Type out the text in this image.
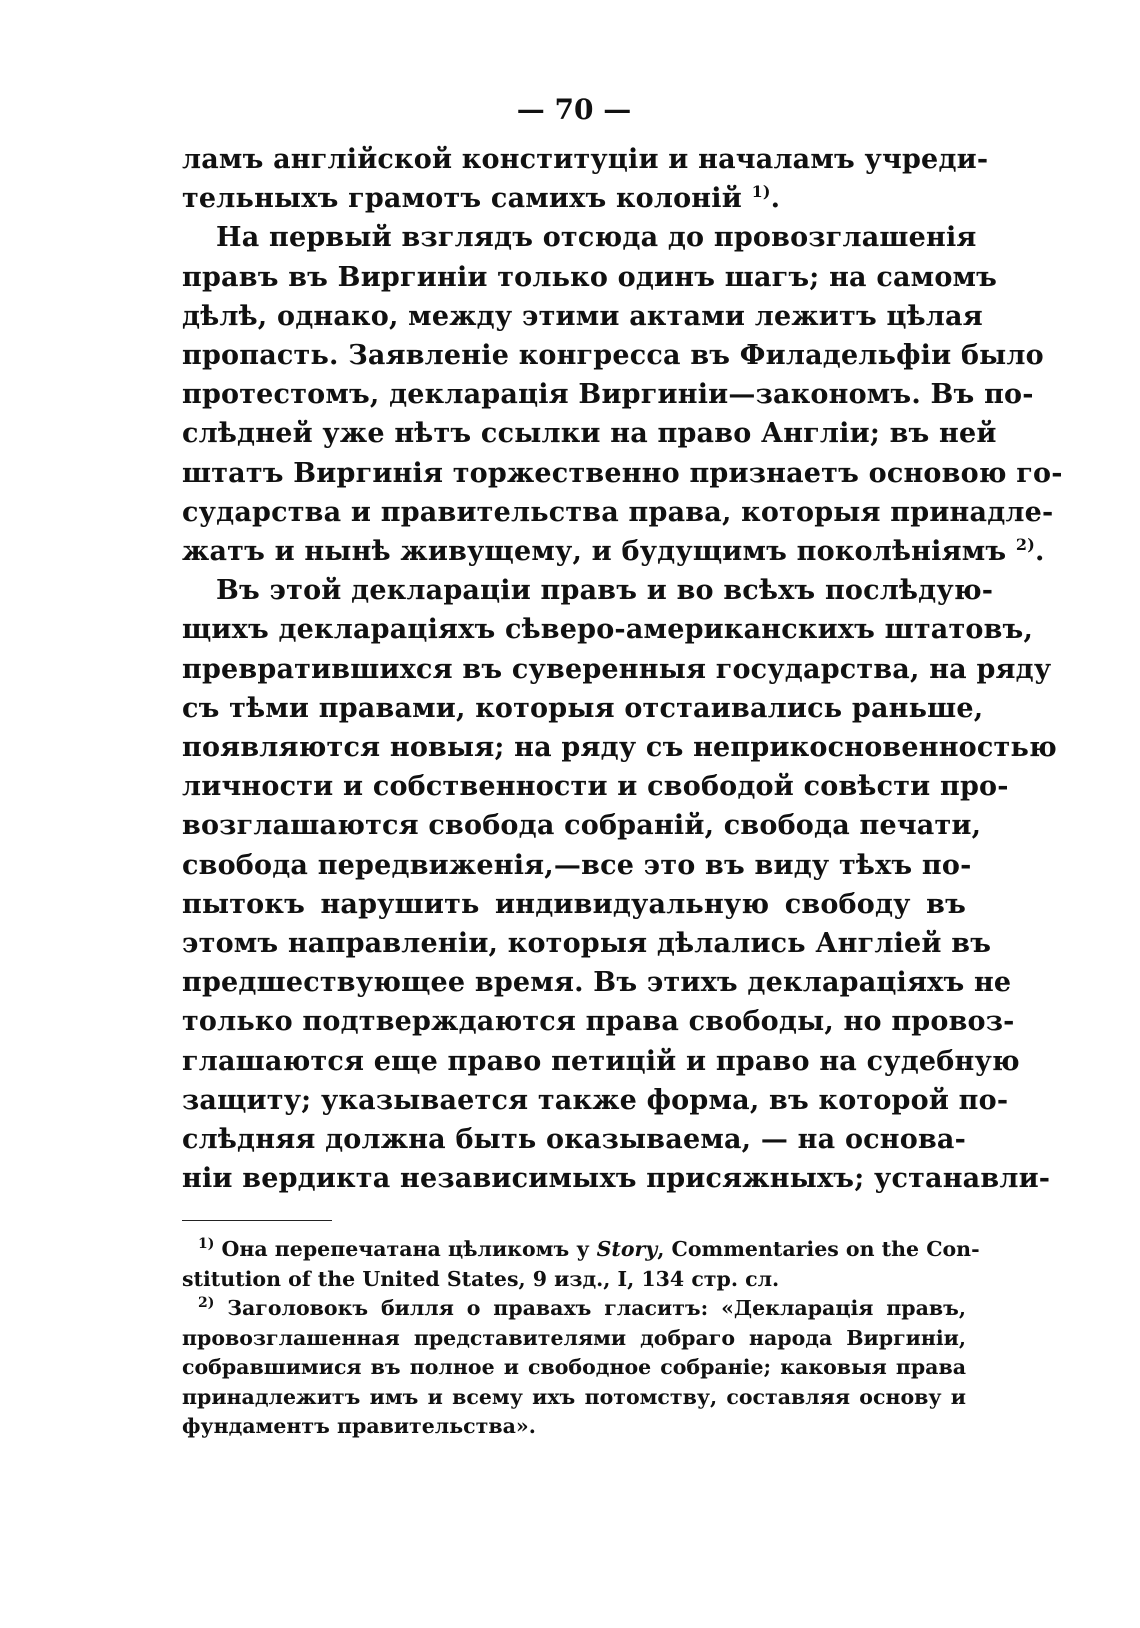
— 70 —
ламъ англійской конституціи и началамъ учреди-
тельныхъ грамотъ самихъ колоній $^{1)}$.
На первый взглядъ отсюда до провозглашенія
правъ въ Виргиніи только одинъ шагъ; на самомъ
дѣлѣ, однако, между этими актами лежитъ цѣлая
пропасть. Заявленіе конгресса въ Филадельфіи было
протестомъ, декларація Виргиніи—закономъ. Въ по-
слѣдней уже нѣтъ ссылки на право Англіи; въ ней
штатъ Виргинія торжественно признаетъ основою го-
сударства и правительства права, которыя принадле-
жатъ и нынѣ живущему, и будущимъ поколѣніямъ $^{2)}$.
Въ этой декларацiи правъ и во всѣхъ послѣдую-
щихъ декларацiяхъ сѣверо-американскихъ штатовъ,
превратившихся въ суверенныя государства, на ряду
съ тѣми правами, которыя отстаивались раньше,
появляются новыя; на ряду съ неприкосновенностью
личности и собственности и свободой совѣсти про-
возглашаются свобода собраній, свобода печати,
свобода передвиженія,—все это въ виду тѣхъ по-
пытокъ нарушить индивидуальную свободу въ
этомъ направленіи, которыя дѣлались Англіей въ
предшествующее время. Въ этихъ декларацiяхъ не
только подтверждаются права свободы, но провоз-
глашаются еще право петицій и право на судебную
защиту; указывается также форма, въ которой по-
слѣдняя должна быть оказываема, — на основа-
ніи вердикта независимыхъ присяжныхъ; устанавли-
$^{1)}$ Она перепечатана цѣликомъ у Story, Commentaries on the Con-
stitution of the United States, 9 изд., I, 134 стр. сл.
$^{2)}$ Заголовокъ билля о правахъ гласитъ: «Декларація правъ,
провозглашенная представителями добраго народа Виргиніи,
собравшимися въ полное и свободное собраніе; каковыя права
принадлежитъ имъ и всему ихъ потомству, составляя основу и
фундаментъ правительства».
